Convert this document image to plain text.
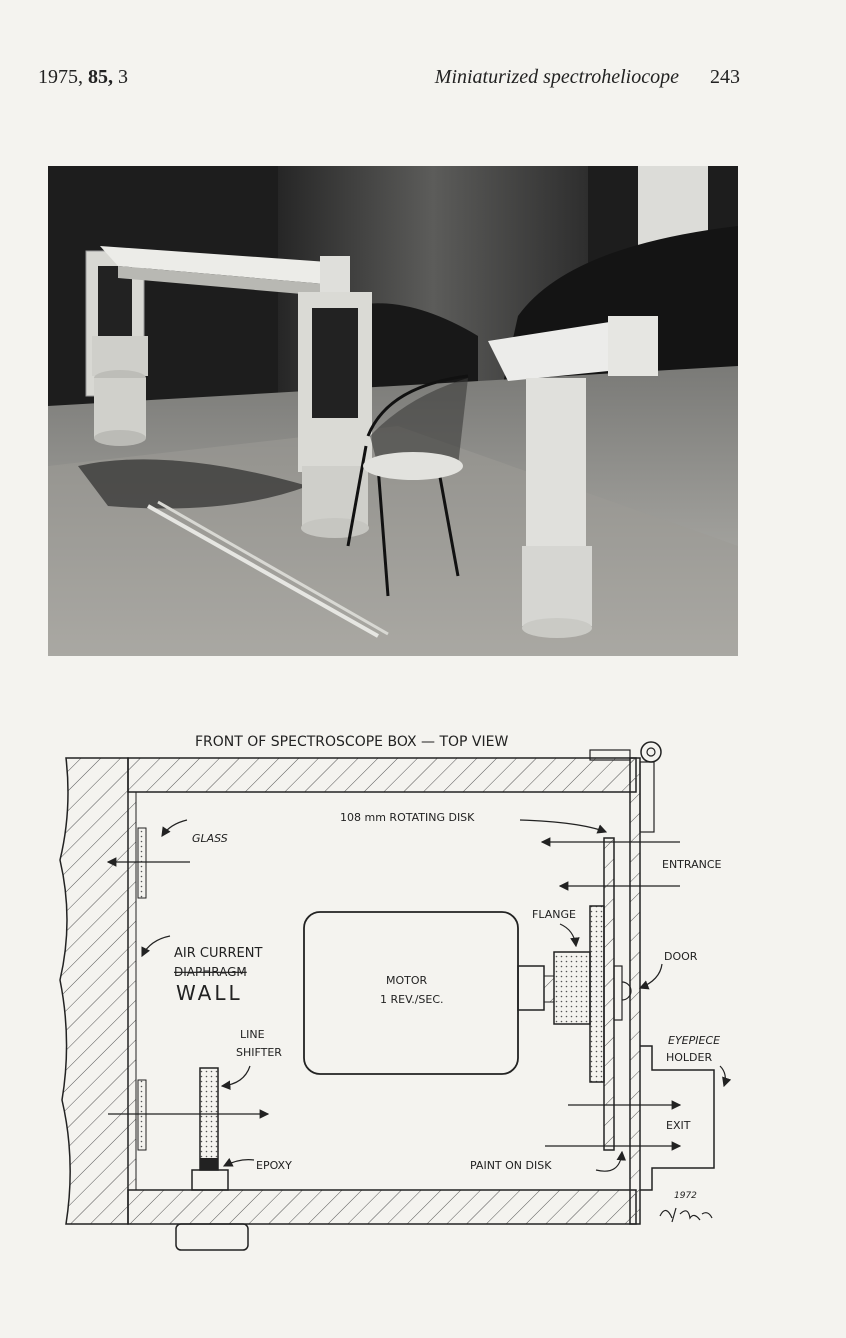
1975, 85, 3	Miniaturized spectroheliocope 243
FRONT OF SPECTROSCOPE BOX — TOP VIEW
108 mm ROTATING DISK
GLASS
ENTRANCE
FLANGE
AIR CURRENT
DIAPHRAGM
WALL
MOTOR
1 REV./SEC.
DOOR
LINE
SHIFTER
EYEPIECE
HOLDER
EXIT
EPOXY	PAINT ON DISK
1972
